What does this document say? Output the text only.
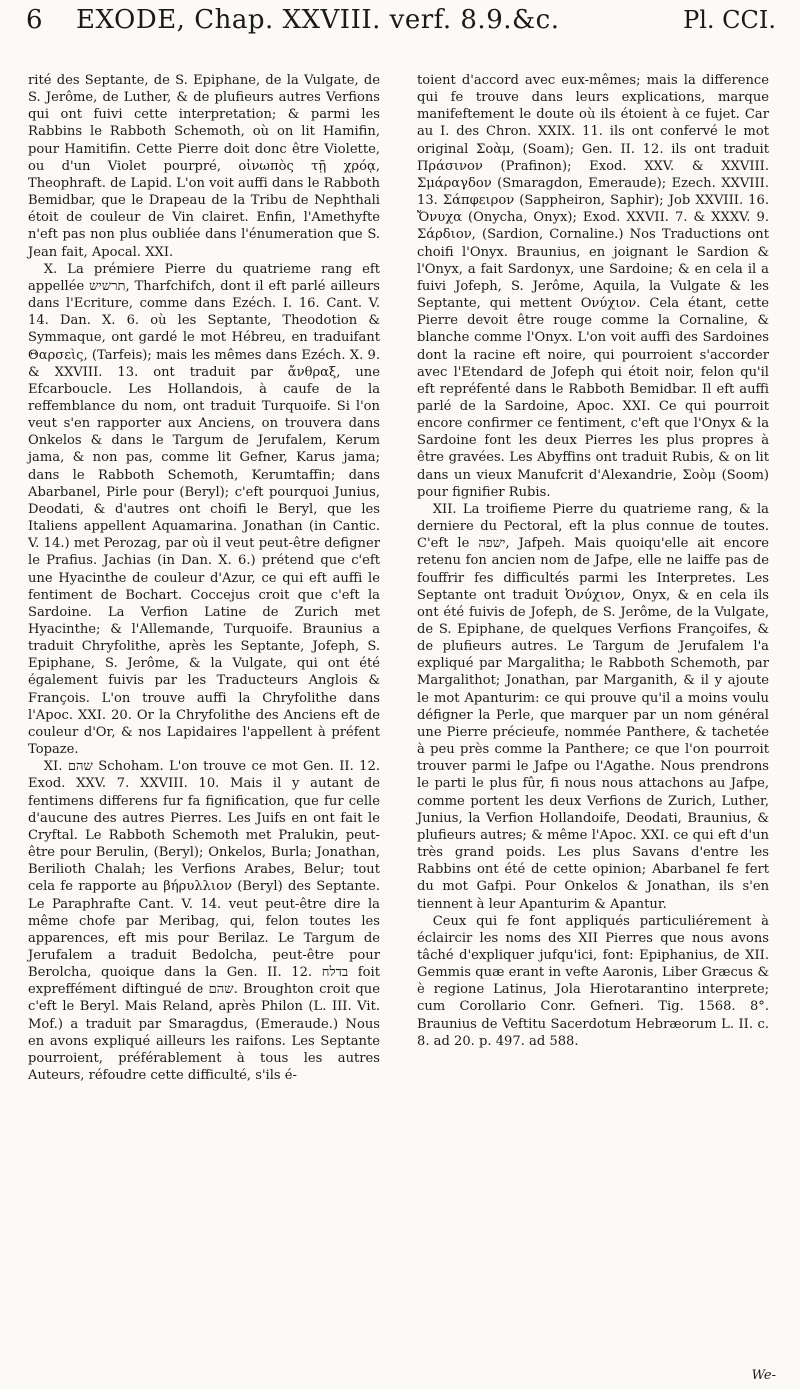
6	EXODE, Chap. XXVIII. verf. 8.9.&c.	Pl. CCI.

rité des Septante, de S. Epiphane, de la Vulgate, de S. Jerôme, de Luther, & de plufieurs autres Verfions qui ont fuivi cette interpretation; & parmi les Rabbins le Rabboth Schemoth, où on lit Hamifin, pour Hamitifin. Cette Pierre doit donc être Violette, ou d'un Violet pourpré, οἰνωπὸς τῇ χρόᾳ, Theophraft. de Lapid. L'on voit auffi dans le Rabboth Bemidbar, que le Drapeau de la Tribu de Nephthali étoit de couleur de Vin clairet. Enfin, l'Amethyfte n'eft pas non plus oubliée dans l'énumeration que S. Jean fait, Apocal. XXI.

X. La prémiere Pierre du quatrieme rang eft appellée תרשיש, Tharfchifch, dont il eft parlé ailleurs dans l'Ecriture, comme dans Ezéch. I. 16. Cant. V. 14. Dan. X. 6. où les Septante, Theodotion & Symmaque, ont gardé le mot Hébreu, en traduifant Θαρσεὶς, (Tarfeis); mais les mêmes dans Ezéch. X. 9. & XXVIII. 13. ont traduit par ἄνθραξ, une Efcarboucle. Les Hollandois, à caufe de la reffemblance du nom, ont traduit Turquoife. Si l'on veut s'en rapporter aux Anciens, on trouvera dans Onkelos & dans le Targum de Jerufalem, Kerum jama, & non pas, comme lit Gefner, Karus jama; dans le Rabboth Schemoth, Kerumtaffin; dans Abarbanel, Pirle pour (Beryl); c'eft pourquoi Junius, Deodati, & d'autres ont choifi le Beryl, que les Italiens appellent Aquamarina. Jonathan (in Cantic. V. 14.) met Perozag, par où il veut peut-être defigner le Prafius. Jachias (in Dan. X. 6.) prétend que c'eft une Hyacinthe de couleur d'Azur, ce qui eft auffi le fentiment de Bochart. Coccejus croit que c'eft la Sardoine. La Verfion Latine de Zurich met Hyacinthe; & l'Allemande, Turquoife. Braunius a traduit Chryfolithe, après les Septante, Jofeph, S. Epiphane, S. Jerôme, & la Vulgate, qui ont été également fuivis par les Traducteurs Anglois & François. L'on trouve auffi la Chryfolithe dans l'Apoc. XXI. 20. Or la Chryfolithe des Anciens eft de couleur d'Or, & nos Lapidaires l'appellent à préfent Topaze.

XI. שהם Schoham. L'on trouve ce mot Gen. II. 12. Exod. XXV. 7. XXVIII. 10. Mais il y autant de fentimens differens fur fa fignification, que fur celle d'aucune des autres Pierres. Les Juifs en ont fait le Cryftal. Le Rabboth Schemoth met Pralukin, peut-être pour Berulin, (Beryl); Onkelos, Burla; Jonathan, Berilioth Chalah; les Verfions Arabes, Belur; tout cela fe rapporte au βήρυλλιον (Beryl) des Septante. Le Paraphrafte Cant. V. 14. veut peut-être dire la même chofe par Meribag, qui, felon toutes les apparences, eft mis pour Berilaz. Le Targum de Jerufalem a traduit Bedolcha, peut-être pour Berolcha, quoique dans la Gen. II. 12. בדלח foit expreffément diftingué de שהם. Broughton croit que c'eft le Beryl. Mais Reland, après Philon (L. III. Vit. Mof.) a traduit par Smaragdus, (Emeraude.) Nous en avons expliqué ailleurs les raifons. Les Septante pourroient, préférablement à tous les autres Auteurs, réfoudre cette difficulté, s'ils é-

toient d'accord avec eux-mêmes; mais la difference qui fe trouve dans leurs explications, marque manifeftement le doute où ils étoient à ce fujet. Car au I. des Chron. XXIX. 11. ils ont confervé le mot original Σοὰμ, (Soam); Gen. II. 12. ils ont traduit Πράσινον (Prafinon); Exod. XXV. & XXVIII. Σμάραγδον (Smaragdon, Emeraude); Ezech. XXVIII. 13. Σάπφειρον (Sappheiron, Saphir); Job XXVIII. 16. Ὄνυχα (Onycha, Onyx); Exod. XXVII. 7. & XXXV. 9. Σάρδιον, (Sardion, Cornaline.) Nos Traductions ont choifi l'Onyx. Braunius, en joignant le Sardion & l'Onyx, a fait Sardonyx, une Sardoine; & en cela il a fuivi Jofeph, S. Jerôme, Aquila, la Vulgate & les Septante, qui mettent Ονύχιον. Cela étant, cette Pierre devoit être rouge comme la Cornaline, & blanche comme l'Onyx. L'on voit auffi des Sardoines dont la racine eft noire, qui pourroient s'accorder avec l'Etendard de Jofeph qui étoit noir, felon qu'il eft repréfenté dans le Rabboth Bemidbar. Il eft auffi parlé de la Sardoine, Apoc. XXI. Ce qui pourroit encore confirmer ce fentiment, c'eft que l'Onyx & la Sardoine font les deux Pierres les plus propres à être gravées. Les Abyffins ont traduit Rubis, & on lit dans un vieux Manufcrit d'Alexandrie, Σοὸμ (Soom) pour fignifier Rubis.

XII. La troifieme Pierre du quatrieme rang, & la derniere du Pectoral, eft la plus connue de toutes. C'eft le ישפה, Jafpeh. Mais quoiqu'elle ait encore retenu fon ancien nom de Jafpe, elle ne laiffe pas de fouffrir fes difficultés parmi les Interpretes. Les Septante ont traduit Ὀνύχιον, Onyx, & en cela ils ont été fuivis de Jofeph, de S. Jerôme, de la Vulgate, de S. Epiphane, de quelques Verfions Françoifes, & de plufieurs autres. Le Targum de Jerufalem l'a expliqué par Margalitha; le Rabboth Schemoth, par Margalithot; Jonathan, par Marganith, & il y ajoute le mot Apanturim: ce qui prouve qu'il a moins voulu défigner la Perle, que marquer par un nom général une Pierre précieufe, nommée Panthere, & tachetée à peu près comme la Panthere; ce que l'on pourroit trouver parmi le Jafpe ou l'Agathe. Nous prendrons le parti le plus fûr, fi nous nous attachons au Jafpe, comme portent les deux Verfions de Zurich, Luther, Junius, la Verfion Hollandoife, Deodati, Braunius, & plufieurs autres; & même l'Apoc. XXI. ce qui eft d'un très grand poids. Les plus Savans d'entre les Rabbins ont été de cette opinion; Abarbanel fe fert du mot Gafpi. Pour Onkelos & Jonathan, ils s'en tiennent à leur Apanturim & Apantur.

Ceux qui fe font appliqués particuliérement à éclaircir les noms des XII Pierres que nous avons tâché d'expliquer jufqu'ici, font: Epiphanius, de XII. Gemmis quæ erant in vefte Aaronis, Liber Græcus & è regione Latinus, Jola Hierotarantino interprete; cum Corollario Conr. Gefneri. Tig. 1568. 8°. Braunius de Veftitu Sacerdotum Hebræorum L. II. c. 8. ad 20. p. 497. ad 588.

We-
